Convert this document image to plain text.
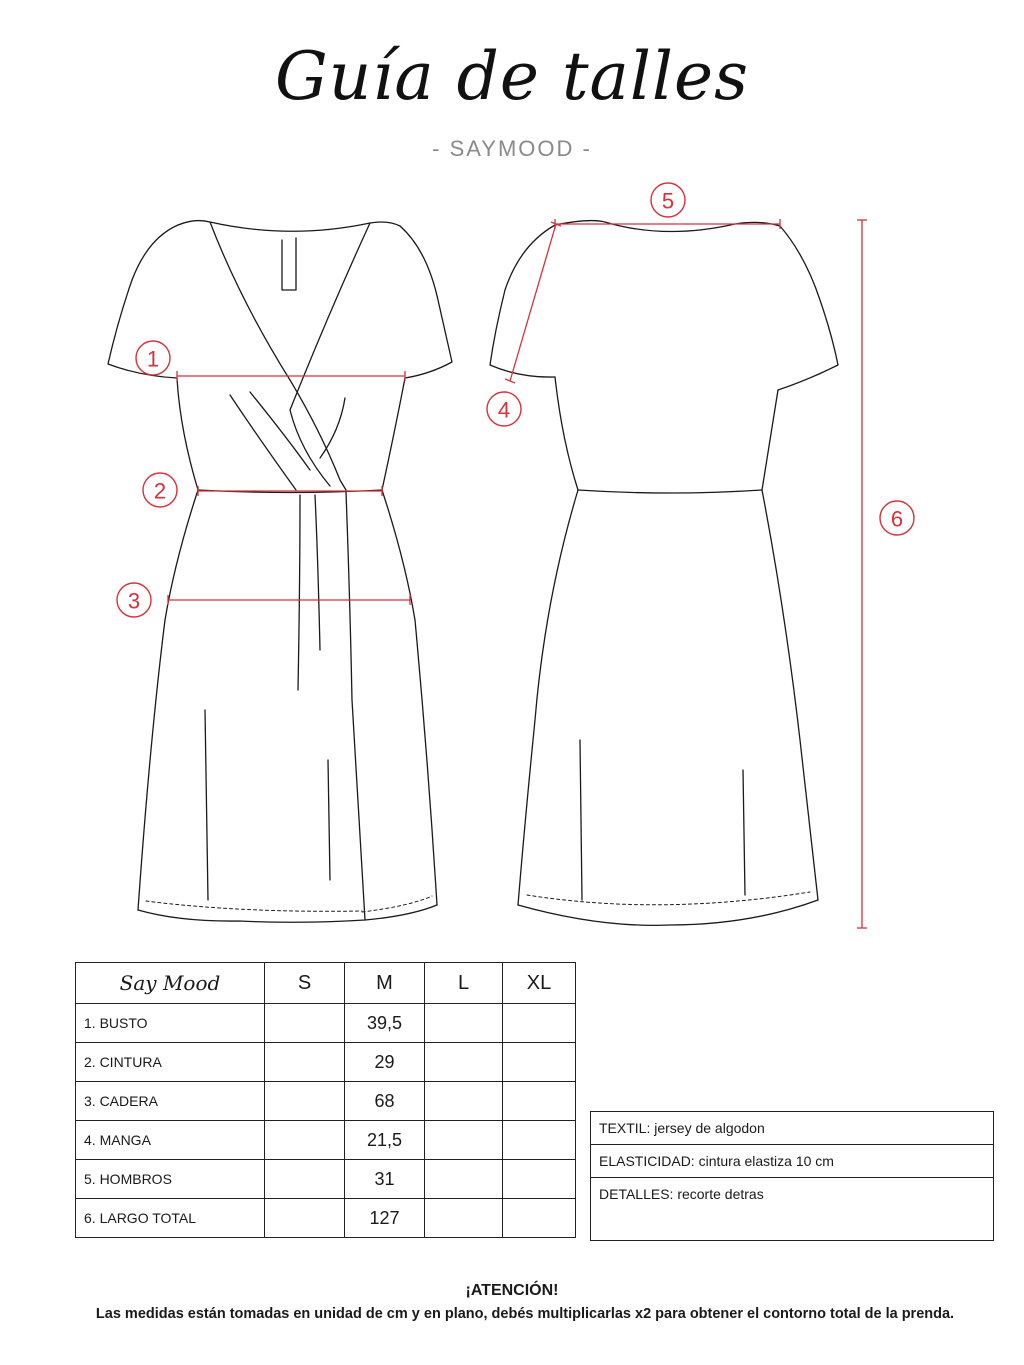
Guía de talles
- SAYMOOD -
1
2
3
4
5
6
Say Mood	S	M	L	XL
1. BUSTO		39,5		
2. CINTURA		29		
3. CADERA		68		
4. MANGA		21,5		
5. HOMBROS		31		
6. LARGO TOTAL		127		
TEXTIL: jersey de algodon
ELASTICIDAD: cintura elastiza 10 cm
DETALLES: recorte detras
¡ATENCIÓN!
Las medidas están tomadas en unidad de cm y en plano, debés multiplicarlas x2 para obtener el contorno total de la prenda.
